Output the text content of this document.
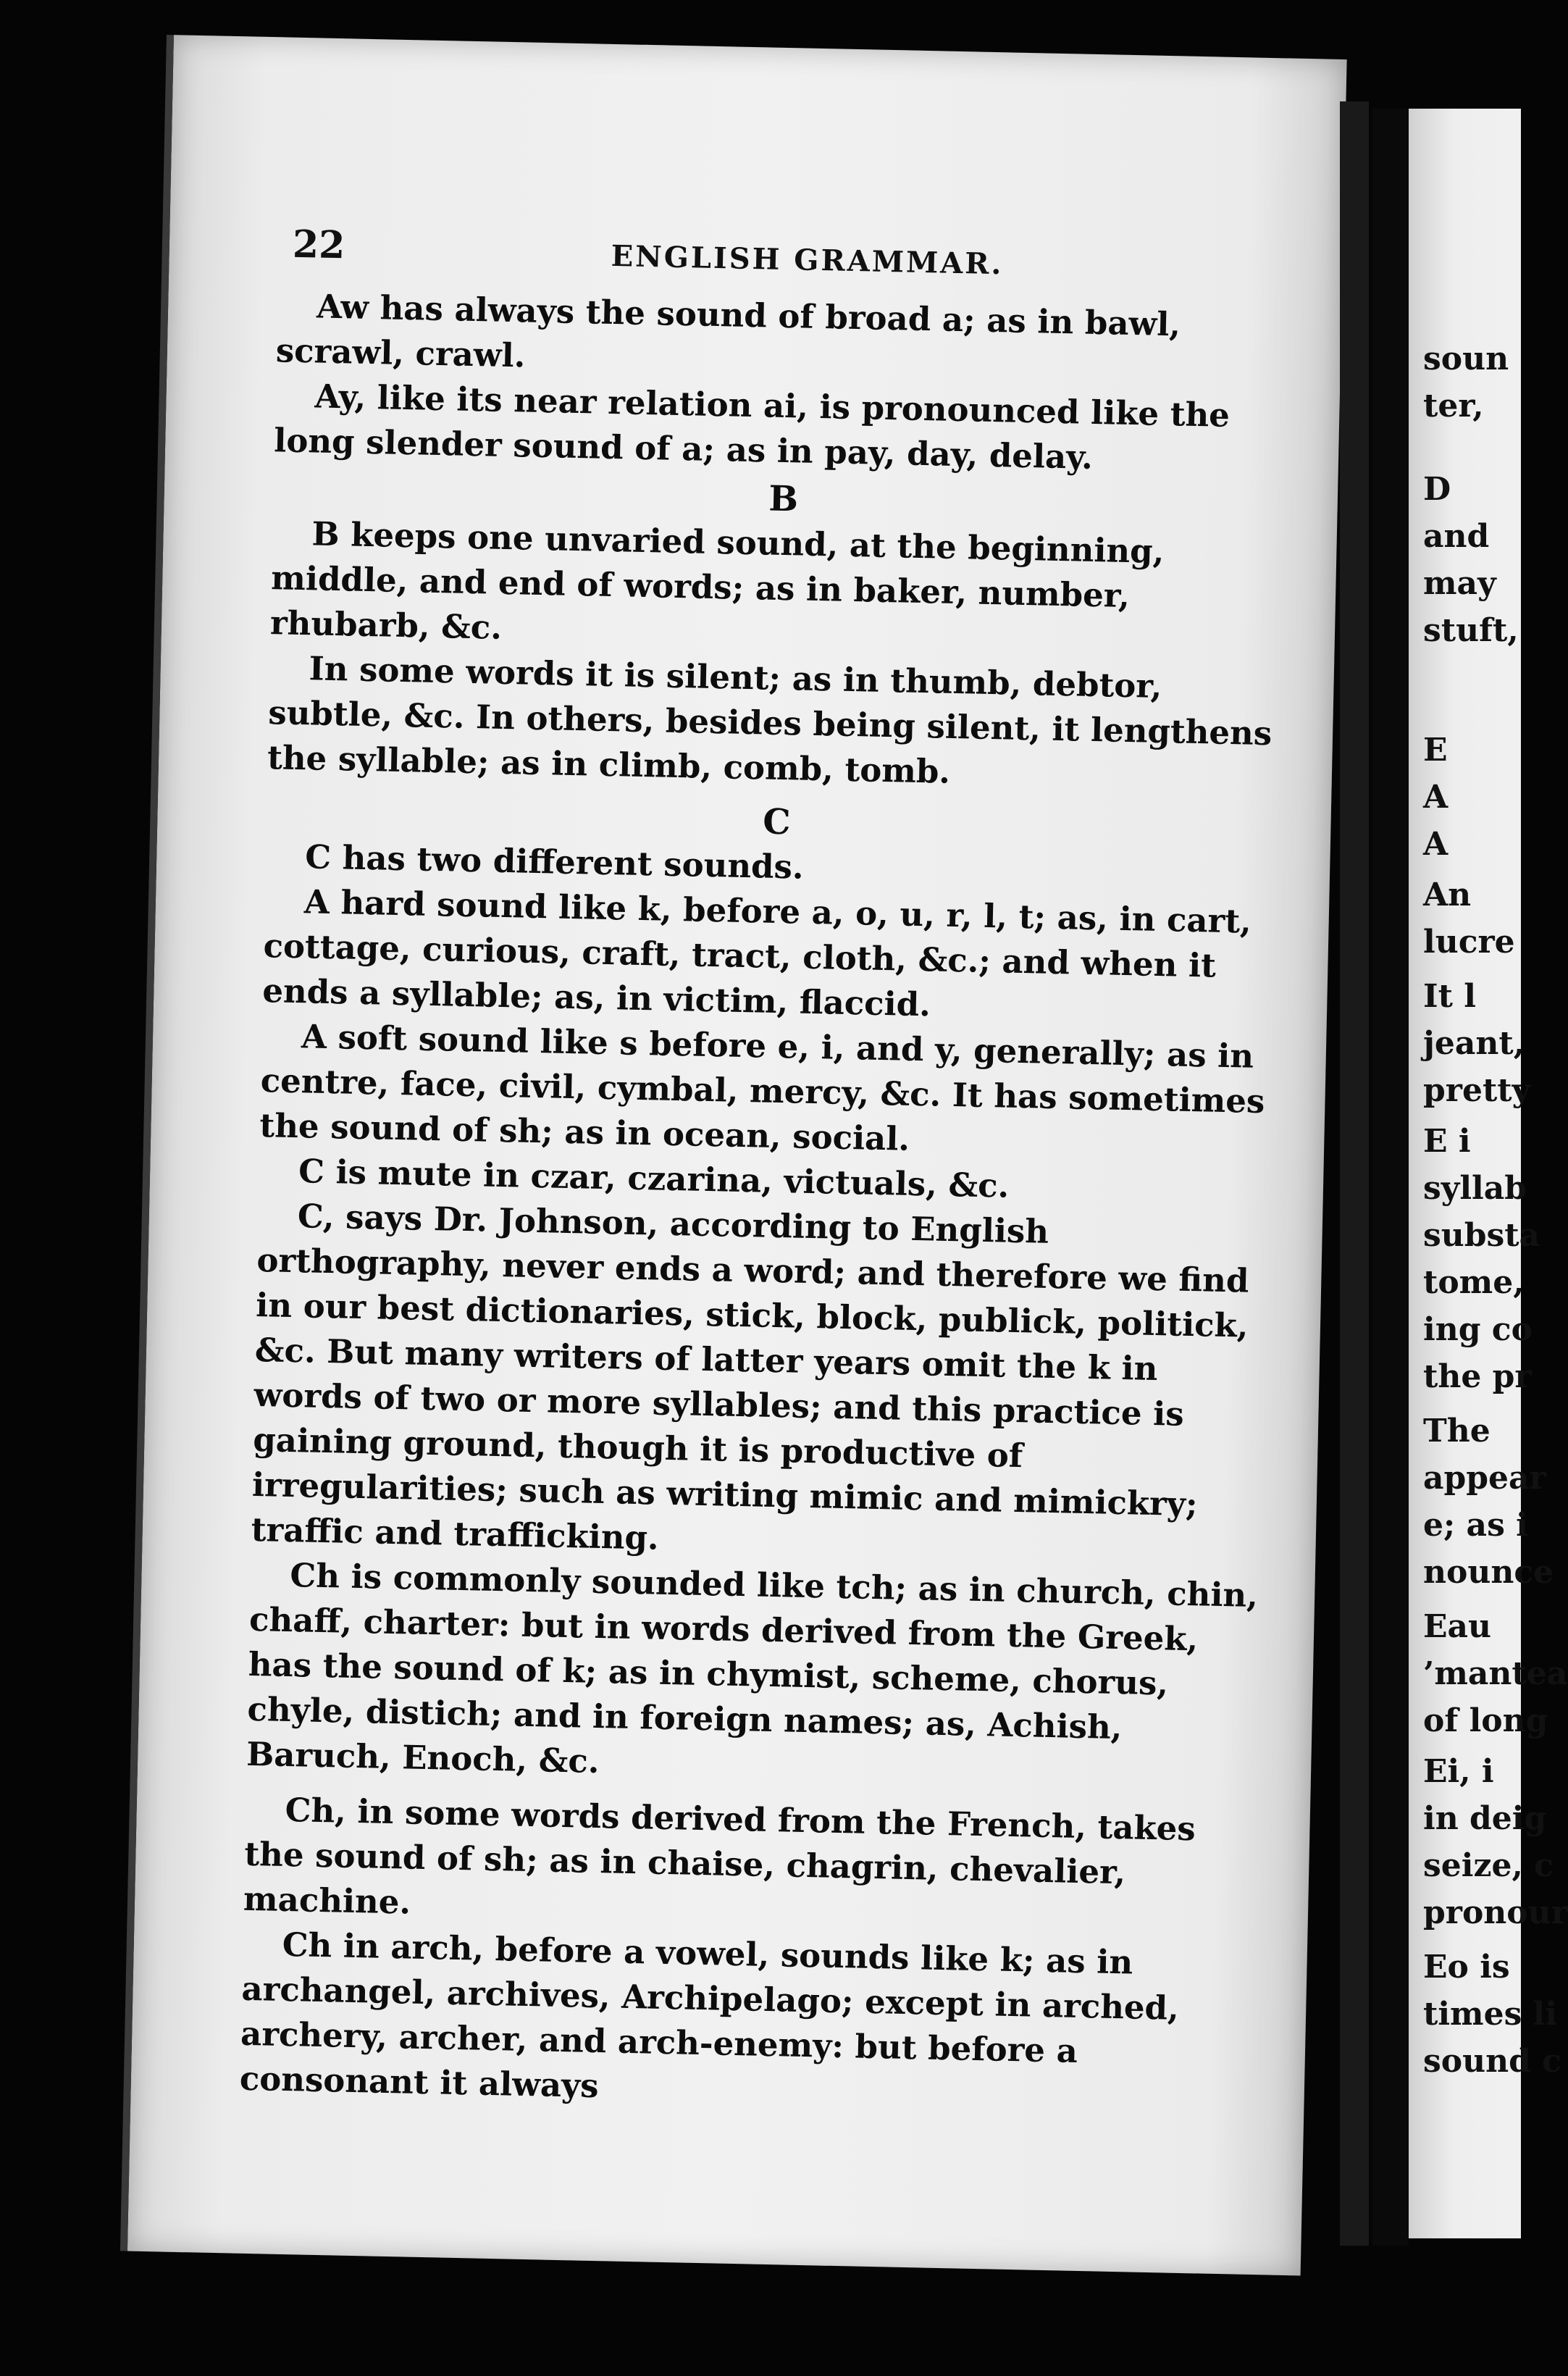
22	ENGLISH GRAMMAR.

Aw has always the sound of broad a; as in bawl, scrawl, crawl.

Ay, like its near relation ai, is pronounced like the long slender sound of a; as in pay, day, delay.

B

B keeps one unvaried sound, at the beginning, middle, and end of words; as in baker, number, rhubarb, &c.

In some words it is silent; as in thumb, debtor, subtle, &c. In others, besides being silent, it lengthens the syllable; as in climb, comb, tomb.

C

C has two different sounds.

A hard sound like k, before a, o, u, r, l, t; as, in cart, cottage, curious, craft, tract, cloth, &c.; and when it ends a syllable; as, in victim, flaccid.

A soft sound like s before e, i, and y, generally; as in centre, face, civil, cymbal, mercy, &c. It has sometimes the sound of sh; as in ocean, social.

C is mute in czar, czarina, victuals, &c.

C, says Dr. Johnson, according to English orthography, never ends a word; and therefore we find in our best dictionaries, stick, block, publick, politick, &c. But many writers of latter years omit the k in words of two or more syllables; and this practice is gaining ground, though it is productive of irregularities; such as writing mimic and mimickry; traffic and trafficking.

Ch is commonly sounded like tch; as in church, chin, chaff, charter: but in words derived from the Greek, has the sound of k; as in chymist, scheme, chorus, chyle, distich; and in foreign names; as, Achish, Baruch, Enoch, &c.

Ch, in some words derived from the French, takes the sound of sh; as in chaise, chagrin, chevalier, machine.

Ch in arch, before a vowel, sounds like k; as in archangel, archives, Archipelago; except in arched, archery, archer, and arch-enemy: but before a consonant it always

soun
ter,
D
and
may
stuft,
E
A
A
An
lucre
It l
jeant,
pretty
E i
syllab
substa
tome,
ing co
the pr
The
appear
e; as i
nounce
Eau
’mantea
of long
Ei, i
in deig
seize, c
pronour
Eo is
times li
sound c
